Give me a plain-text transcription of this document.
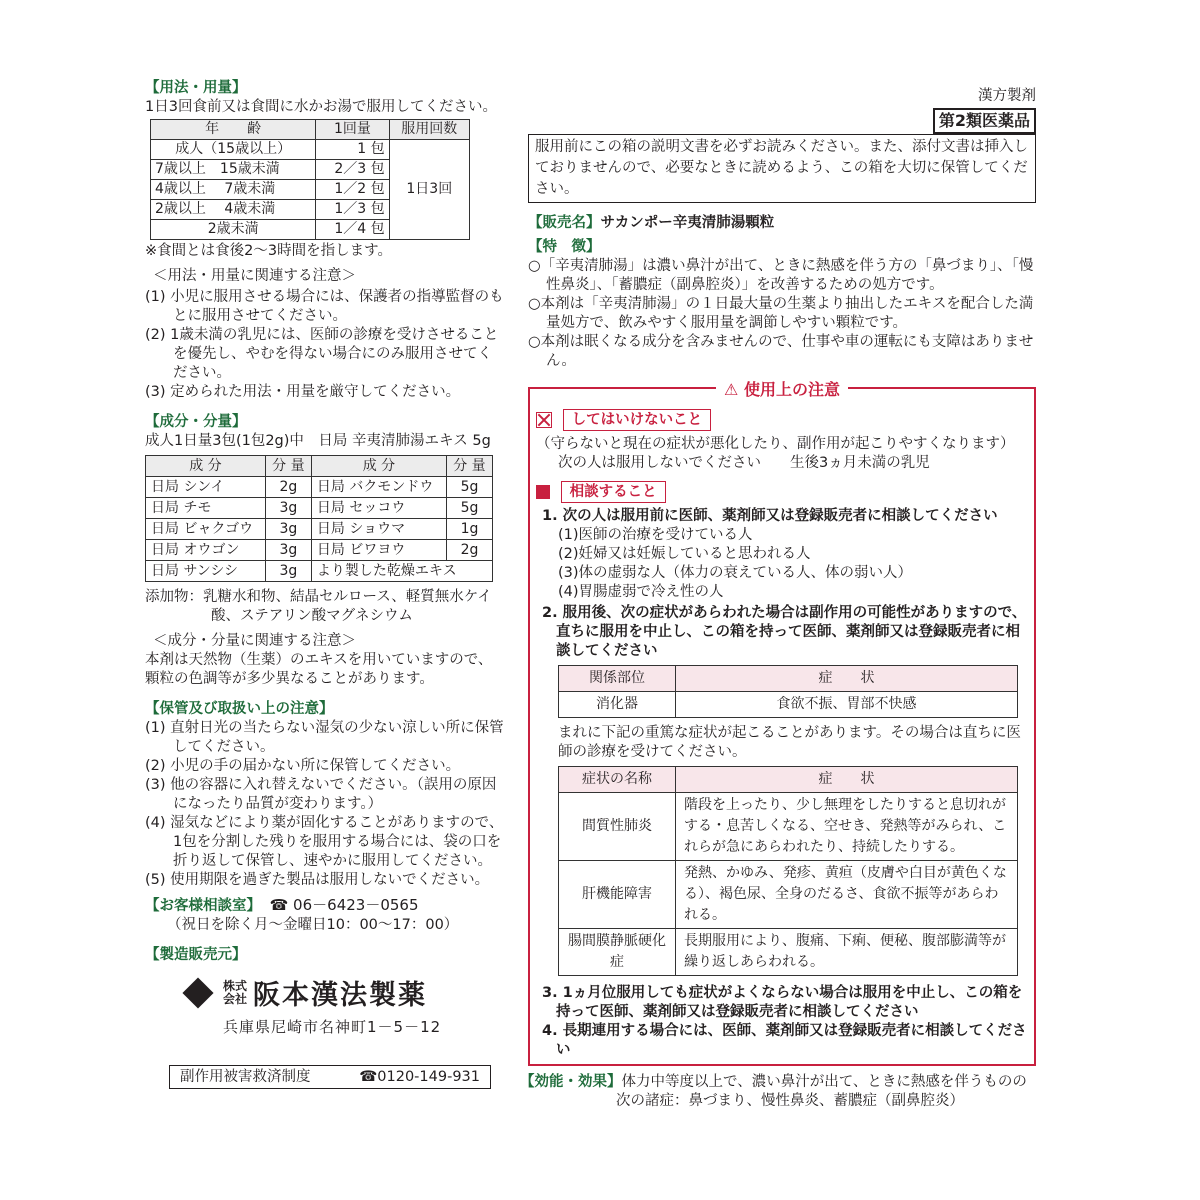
【用法・用量】

1日3回食前又は食間に水かお湯で服用してください。

年　　齢	1回量	服用回数
成人（15歳以上）	1 包	1日3回
7歳以上　15歳未満	2／3 包	
4歳以上　 7歳未満	1／2 包	
2歳以上　 4歳未満	1／3 包	
2歳未満	1／4 包	

※食間とは食後2〜3時間を指します。

＜用法・用量に関連する注意＞

(1) 小児に服用させる場合には、保護者の指導監督のもとに服用させてください。

(2) 1歳未満の乳児には、医師の診療を受けさせることを優先し、やむを得ない場合にのみ服用させてください。

(3) 定められた用法・用量を厳守してください。

【成分・分量】

成人1日量3包(1包2g)中　日局 辛夷清肺湯エキス 5g

成 分	分 量	成 分	分 量
日局 シンイ	2g	日局 バクモンドウ	5g
日局 チモ	3g	日局 セッコウ	5g
日局 ビャクゴウ	3g	日局 ショウマ	1g
日局 オウゴン	3g	日局 ビワヨウ	2g
日局 サンシシ	3g	より製した乾燥エキス	

添加物：乳糖水和物、結晶セルロース、軽質無水ケイ酸、ステアリン酸マグネシウム

＜成分・分量に関連する注意＞

本剤は天然物（生薬）のエキスを用いていますので、顆粒の色調等が多少異なることがあります。

【保管及び取扱い上の注意】

(1) 直射日光の当たらない湿気の少ない涼しい所に保管してください。

(2) 小児の手の届かない所に保管してください。

(3) 他の容器に入れ替えないでください。（誤用の原因になったり品質が変わります。）

(4) 湿気などにより薬が固化することがありますので、1包を分割した残りを服用する場合には、袋の口を折り返して保管し、速やかに服用してください。

(5) 使用期限を過ぎた製品は服用しないでください。

【お客様相談室】 ☎ 06－6423－0565

（祝日を除く月〜金曜日10：00〜17：00）

【製造販売元】

株式
会社 阪本漢法製薬

兵庫県尼崎市名神町1－5－12

副作用被害救済制度	☎0120-149-931

漢方製剤

第2類医薬品
服用前にこの箱の説明文書を必ずお読みください。また、添付文書は挿入しておりませんので、必要なときに読めるよう、この箱を大切に保管してください。

【販売名】サカンポー辛夷清肺湯顆粒

【特　徴】

○「辛夷清肺湯」は濃い鼻汁が出て、ときに熱感を伴う方の「鼻づまり」、「慢性鼻炎」、「蓄膿症（副鼻腔炎）」を改善するための処方です。

○本剤は「辛夷清肺湯」の１日最大量の生薬より抽出したエキスを配合した満量処方で、飲みやすく服用量を調節しやすい顆粒です。

○本剤は眠くなる成分を含みませんので、仕事や車の運転にも支障はありません。

⚠ 使用上の注意
してはいけないこと

（守らないと現在の症状が悪化したり、副作用が起こりやすくなります）

次の人は服用しないでください　　生後3ヵ月未満の乳児

相談すること

1. 次の人は服用前に医師、薬剤師又は登録販売者に相談してください

(1)医師の治療を受けている人

(2)妊婦又は妊娠していると思われる人

(3)体の虚弱な人（体力の衰えている人、体の弱い人）

(4)胃腸虚弱で冷え性の人

2. 服用後、次の症状があらわれた場合は副作用の可能性がありますので、直ちに服用を中止し、この箱を持って医師、薬剤師又は登録販売者に相談してください

関係部位	症　　状
消化器	食欲不振、胃部不快感

まれに下記の重篤な症状が起こることがあります。その場合は直ちに医師の診療を受けてください。

症状の名称	症　　状
間質性肺炎	階段を上ったり、少し無理をしたりすると息切れがする・息苦しくなる、空せき、発熱等がみられ、これらが急にあらわれたり、持続したりする。
肝機能障害	発熱、かゆみ、発疹、黄疸（皮膚や白目が黄色くなる）、褐色尿、全身のだるさ、食欲不振等があらわれる。
腸間膜静脈硬化症	長期服用により、腹痛、下痢、便秘、腹部膨満等が繰り返しあらわれる。

3. 1ヵ月位服用しても症状がよくならない場合は服用を中止し、この箱を持って医師、薬剤師又は登録販売者に相談してください

4. 長期連用する場合には、医師、薬剤師又は登録販売者に相談してください

【効能・効果】体力中等度以上で、濃い鼻汁が出て、ときに熱感を伴うものの

次の諸症：鼻づまり、慢性鼻炎、蓄膿症（副鼻腔炎）
